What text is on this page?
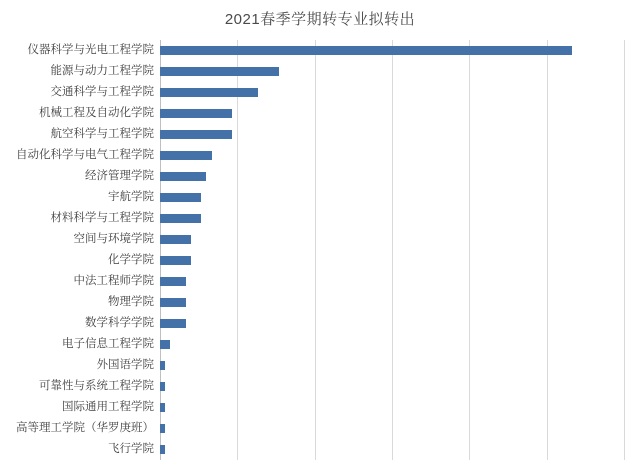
2021春季学期转专业拟转出
仪器科学与光电工程学院
能源与动力工程学院
交通科学与工程学院
机械工程及自动化学院
航空科学与工程学院
自动化科学与电气工程学院
经济管理学院
宇航学院
材料科学与工程学院
空间与环境学院
化学学院
中法工程师学院
物理学院
数学科学学院
电子信息工程学院
外国语学院
可靠性与系统工程学院
国际通用工程学院
高等理工学院（华罗庚班）
飞行学院
